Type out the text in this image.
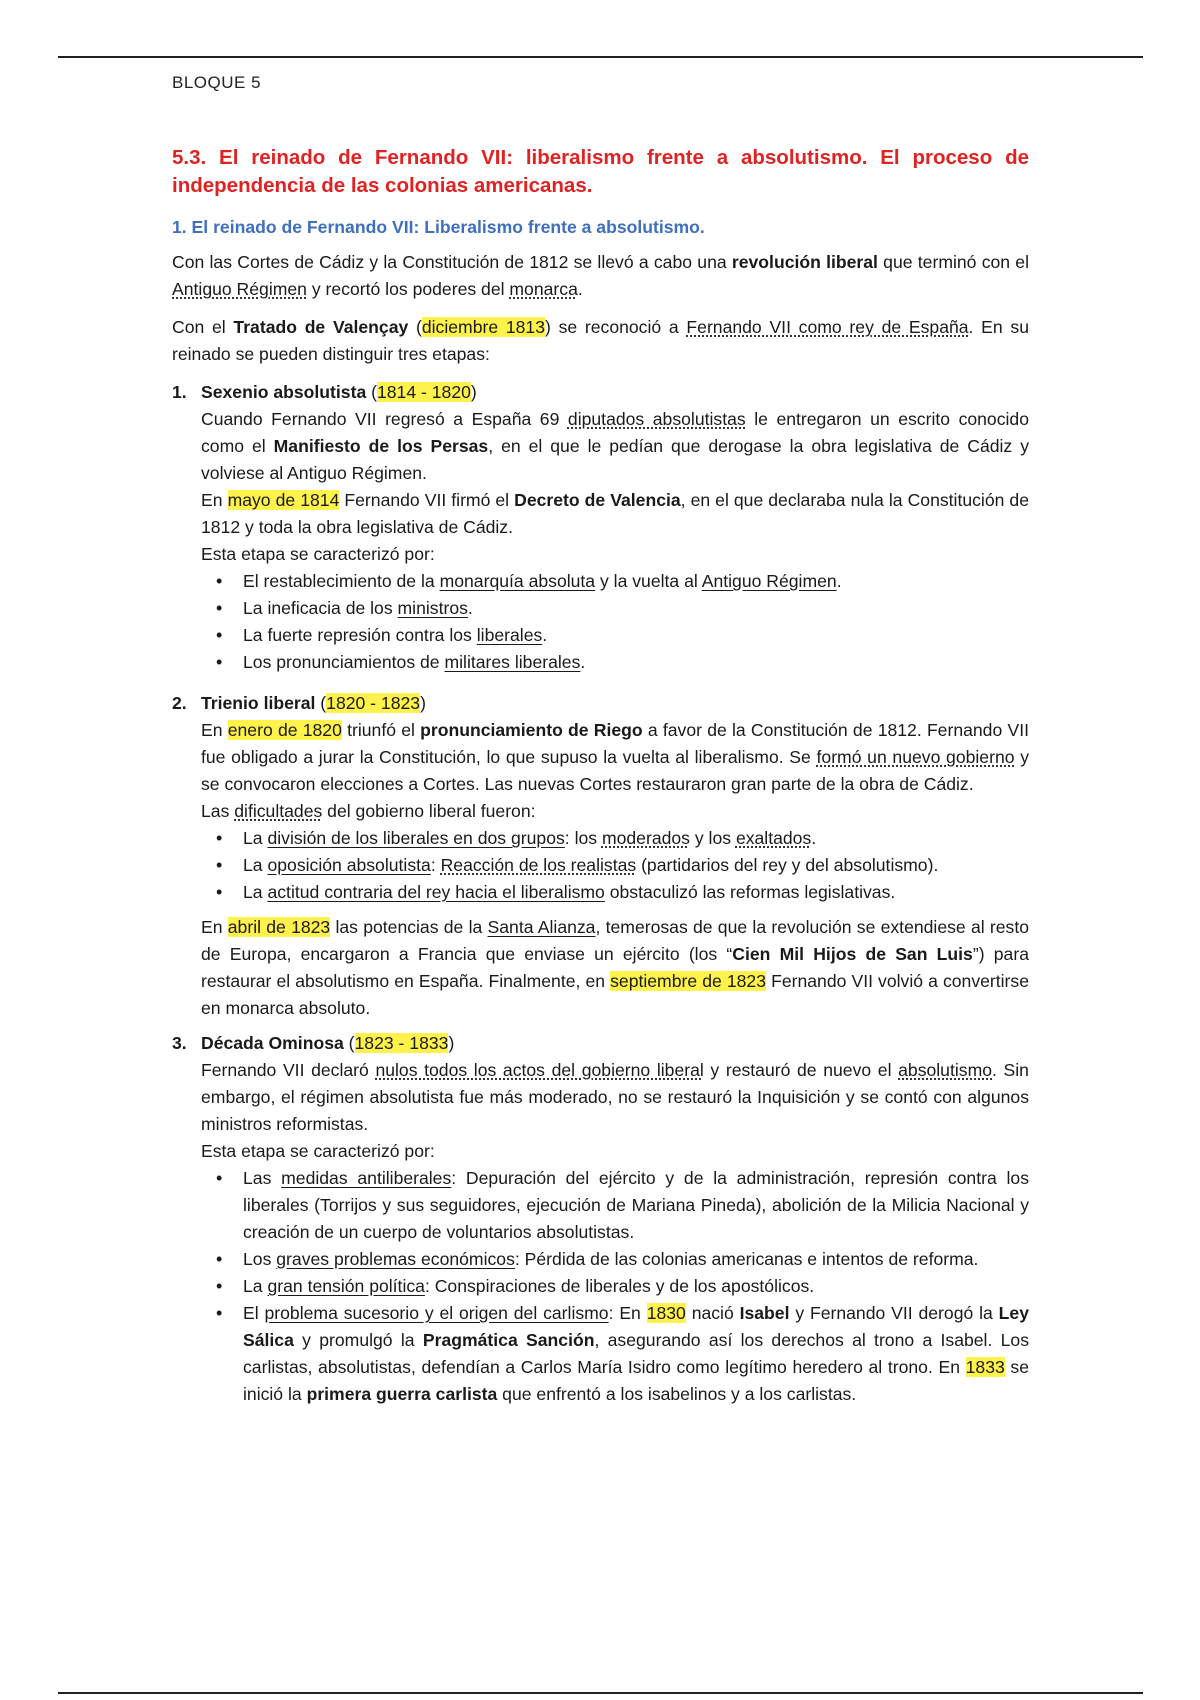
BLOQUE 5

5.3. El reinado de Fernando VII: liberalismo frente a absolutismo. El proceso de independencia de las colonias americanas.

1. El reinado de Fernando VII: Liberalismo frente a absolutismo.

Con las Cortes de Cádiz y la Constitución de 1812 se llevó a cabo una revolución liberal que terminó con el Antiguo Régimen y recortó los poderes del monarca.

Con el Tratado de Valençay (diciembre 1813) se reconoció a Fernando VII como rey de España. En su reinado se pueden distinguir tres etapas:

1. Sexenio absolutista (1814 - 1820)

Cuando Fernando VII regresó a España 69 diputados absolutistas le entregaron un escrito conocido como el Manifiesto de los Persas, en el que le pedían que derogase la obra legislativa de Cádiz y volviese al Antiguo Régimen.

En mayo de 1814 Fernando VII firmó el Decreto de Valencia, en el que declaraba nula la Constitución de 1812 y toda la obra legislativa de Cádiz.

Esta etapa se caracterizó por:

• El restablecimiento de la monarquía absoluta y la vuelta al Antiguo Régimen.
• La ineficacia de los ministros.
• La fuerte represión contra los liberales.
• Los pronunciamientos de militares liberales.
2. Trienio liberal (1820 - 1823)

En enero de 1820 triunfó el pronunciamiento de Riego a favor de la Constitución de 1812. Fernando VII fue obligado a jurar la Constitución, lo que supuso la vuelta al liberalismo. Se formó un nuevo gobierno y se convocaron elecciones a Cortes. Las nuevas Cortes restauraron gran parte de la obra de Cádiz.

Las dificultades del gobierno liberal fueron:

• La división de los liberales en dos grupos: los moderados y los exaltados.
• La oposición absolutista: Reacción de los realistas (partidarios del rey y del absolutismo).
• La actitud contraria del rey hacia el liberalismo obstaculizó las reformas legislativas.

En abril de 1823 las potencias de la Santa Alianza, temerosas de que la revolución se extendiese al resto de Europa, encargaron a Francia que enviase un ejército (los “Cien Mil Hijos de San Luis”) para restaurar el absolutismo en España. Finalmente, en septiembre de 1823 Fernando VII volvió a convertirse en monarca absoluto.

3. Década Ominosa (1823 - 1833)

Fernando VII declaró nulos todos los actos del gobierno liberal y restauró de nuevo el absolutismo. Sin embargo, el régimen absolutista fue más moderado, no se restauró la Inquisición y se contó con algunos ministros reformistas.

Esta etapa se caracterizó por:

• Las medidas antiliberales: Depuración del ejército y de la administración, represión contra los liberales (Torrijos y sus seguidores, ejecución de Mariana Pineda), abolición de la Milicia Nacional y creación de un cuerpo de voluntarios absolutistas.
• Los graves problemas económicos: Pérdida de las colonias americanas e intentos de reforma.
• La gran tensión política: Conspiraciones de liberales y de los apostólicos.
• El problema sucesorio y el origen del carlismo: En 1830 nació Isabel y Fernando VII derogó la Ley Sálica y promulgó la Pragmática Sanción, asegurando así los derechos al trono a Isabel. Los carlistas, absolutistas, defendían a Carlos María Isidro como legítimo heredero al trono. En 1833 se inició la primera guerra carlista que enfrentó a los isabelinos y a los carlistas.
